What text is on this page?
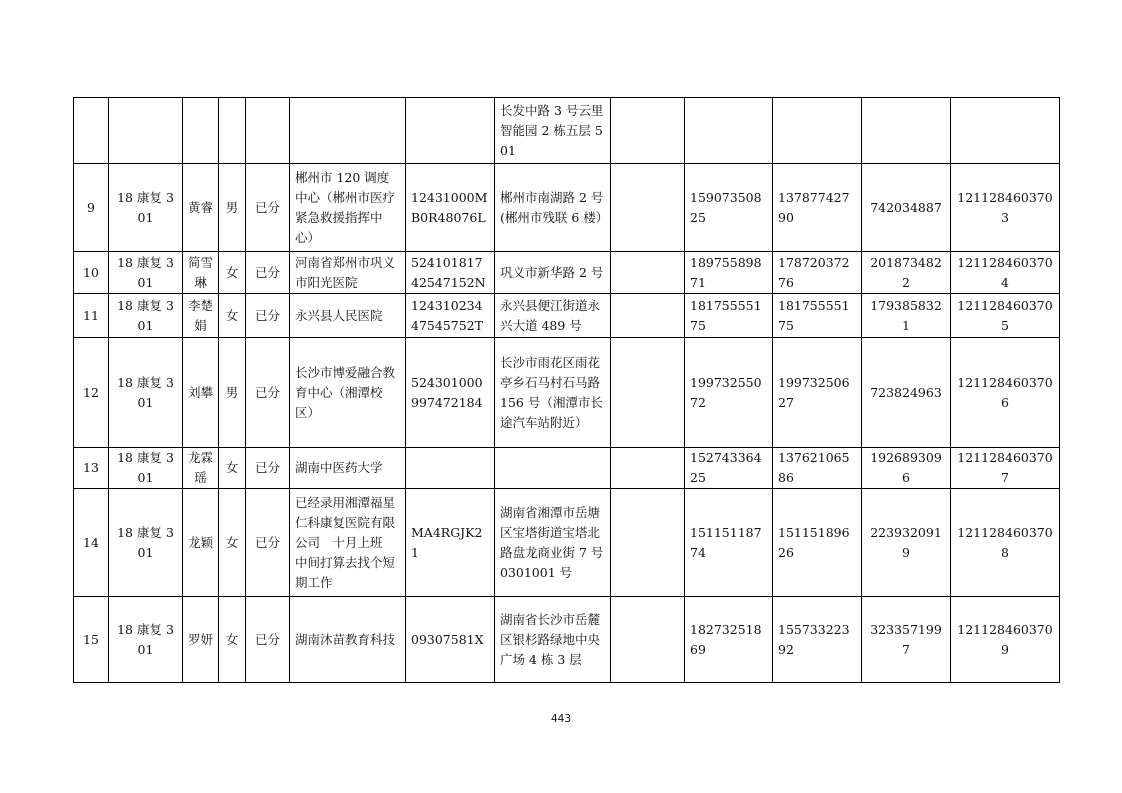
							长发中路 3 号云里智能园 2 栋五层 501					
9	18 康复 301	黄睿	男	已分	郴州市 120 调度中心（郴州市医疗紧急救援指挥中心）	12431000MB0R48076L	郴州市南湖路 2 号(郴州市残联 6 楼）		15907350825	13787742790	742034887	1211284603703
10	18 康复 301	简雪琳	女	已分	河南省郑州市巩义市阳光医院	52410181742547152N	巩义市新华路 2 号		18975589871	17872037276	2018734822	1211284603704
11	18 康复 301	李楚娟	女	已分	永兴县人民医院	12431023447545752T	永兴县便江街道永兴大道 489 号		18175555175	18175555175	1793858321	1211284603705
12	18 康复 301	刘攀	男	已分	长沙市博爱融合教育中心（湘潭校区）	524301000997472184	长沙市雨花区雨花亭乡石马村石马路 156 号（湘潭市长途汽车站附近）		19973255072	19973250627	723824963	1211284603706
13	18 康复 301	龙霖瑶	女	已分	湖南中医药大学				15274336425	13762106586	1926893096	1211284603707
14	18 康复 301	龙颖	女	已分	已经录用湘潭福星仁科康复医院有限公司　十月上班　中间打算去找个短期工作	MA4RGJK21	湖南省湘潭市岳塘区宝塔街道宝塔北路盘龙商业街 7 号 0301001 号		15115118774	15115189626	2239320919	1211284603708
15	18 康复 301	罗妍	女	已分	湖南沐苗教育科技	09307581X	湖南省长沙市岳麓区银杉路绿地中央广场 4 栋 3 层		18273251869	15573322392	3233571997	1211284603709
443
